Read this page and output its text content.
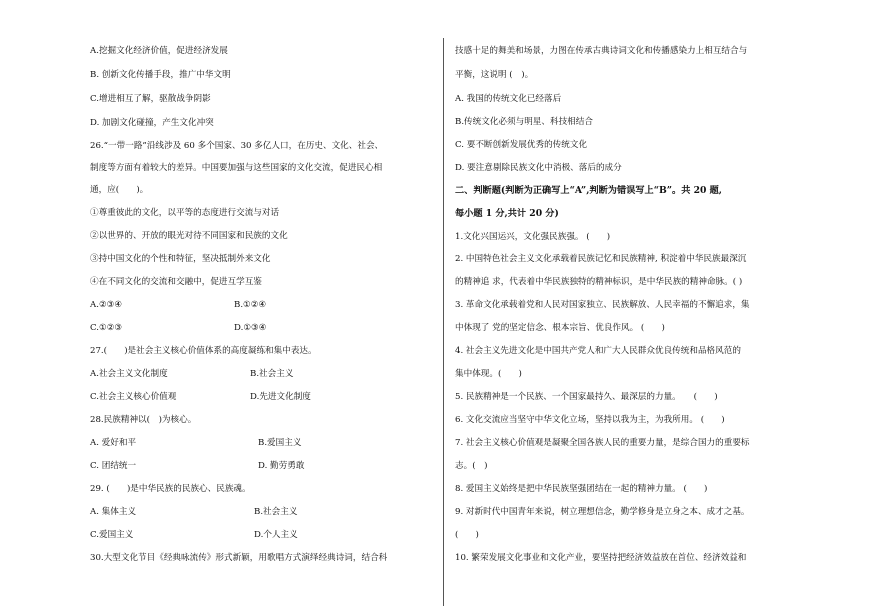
A.挖掘文化经济价值，促进经济发展
B. 创新文化传播手段，推广中华文明
C.增进相互了解，驱散战争阴影
D. 加剧文化碰撞，产生文化冲突
26.“一带一路”沿线涉及 60 多个国家、30 多亿人口，在历史、文化、社会、
制度等方面有着较大的差异。中国要加强与这些国家的文化交流，促进民心相
通，应(　　)。
①尊重彼此的文化，以平等的态度进行交流与对话
②以世界的、开放的眼光对待不同国家和民族的文化
③持中国文化的个性和特征，坚决抵制外来文化
④在不同文化的交流和交融中，促进互学互鉴
A.②③④	B.①②④
C.①②③	D.①③④
27.(　　)是社会主义核心价值体系的高度凝练和集中表达。
A.社会主义文化制度	B.社会主义
C.社会主义核心价值观	D.先进文化制度
28.民族精神以(　)为核心。
A. 爱好和平	B.爱国主义
C. 团结统一	D. 勤劳勇敢
29. (　　)是中华民族的民族心、民族魂。
A. 集体主义	B.社会主义
C.爱国主义	D.个人主义
30.大型文化节目《经典咏流传》形式新颖，用歌唱方式演绎经典诗词，结合科
技感十足的舞美和场景，力图在传承古典诗词文化和传播感染力上相互结合与
平衡，这说明 (　)。
A. 我国的传统文化已经落后
B.传统文化必须与明星、科技相结合
C. 要不断创新发展优秀的传统文化
D. 要注意剔除民族文化中消极、落后的成分
二、判断题(判断为正确写上“A”,判断为错误写上“B”。共 20 题,
每小题 1 分,共计 20 分)
1.文化兴国运兴，文化强民族强。 (　　)
2. 中国特色社会主义文化承载着民族记忆和民族精神, 积淀着中华民族最深沉
的精神追 求，代表着中华民族独特的精神标识，是中华民族的精神命脉。( )
3. 革命文化承载着党和人民对国家独立、民族解放、人民幸福的不懈追求，集
中体现了 党的坚定信念、根本宗旨、优良作风。 (　　)
4. 社会主义先进文化是中国共产党人和广大人民群众优良传统和品格风范的
集中体现。(　　)
5. 民族精神是一个民族、一个国家最持久、最深层的力量。　　(　　)
6. 文化交流应当坚守中华文化立场，坚持以我为主，为我所用。 (　　)
7. 社会主义核心价值观是凝聚全国各族人民的重要力量，是综合国力的重要标
志。(　)
8. 爱国主义始终是把中华民族坚强团结在一起的精神力量。 (　　)
9. 对新时代中国青年来说，树立理想信念，勤学修身是立身之本、成才之基。
(　　)
10. 繁荣发展文化事业和文化产业，要坚持把经济效益放在首位、经济效益和
